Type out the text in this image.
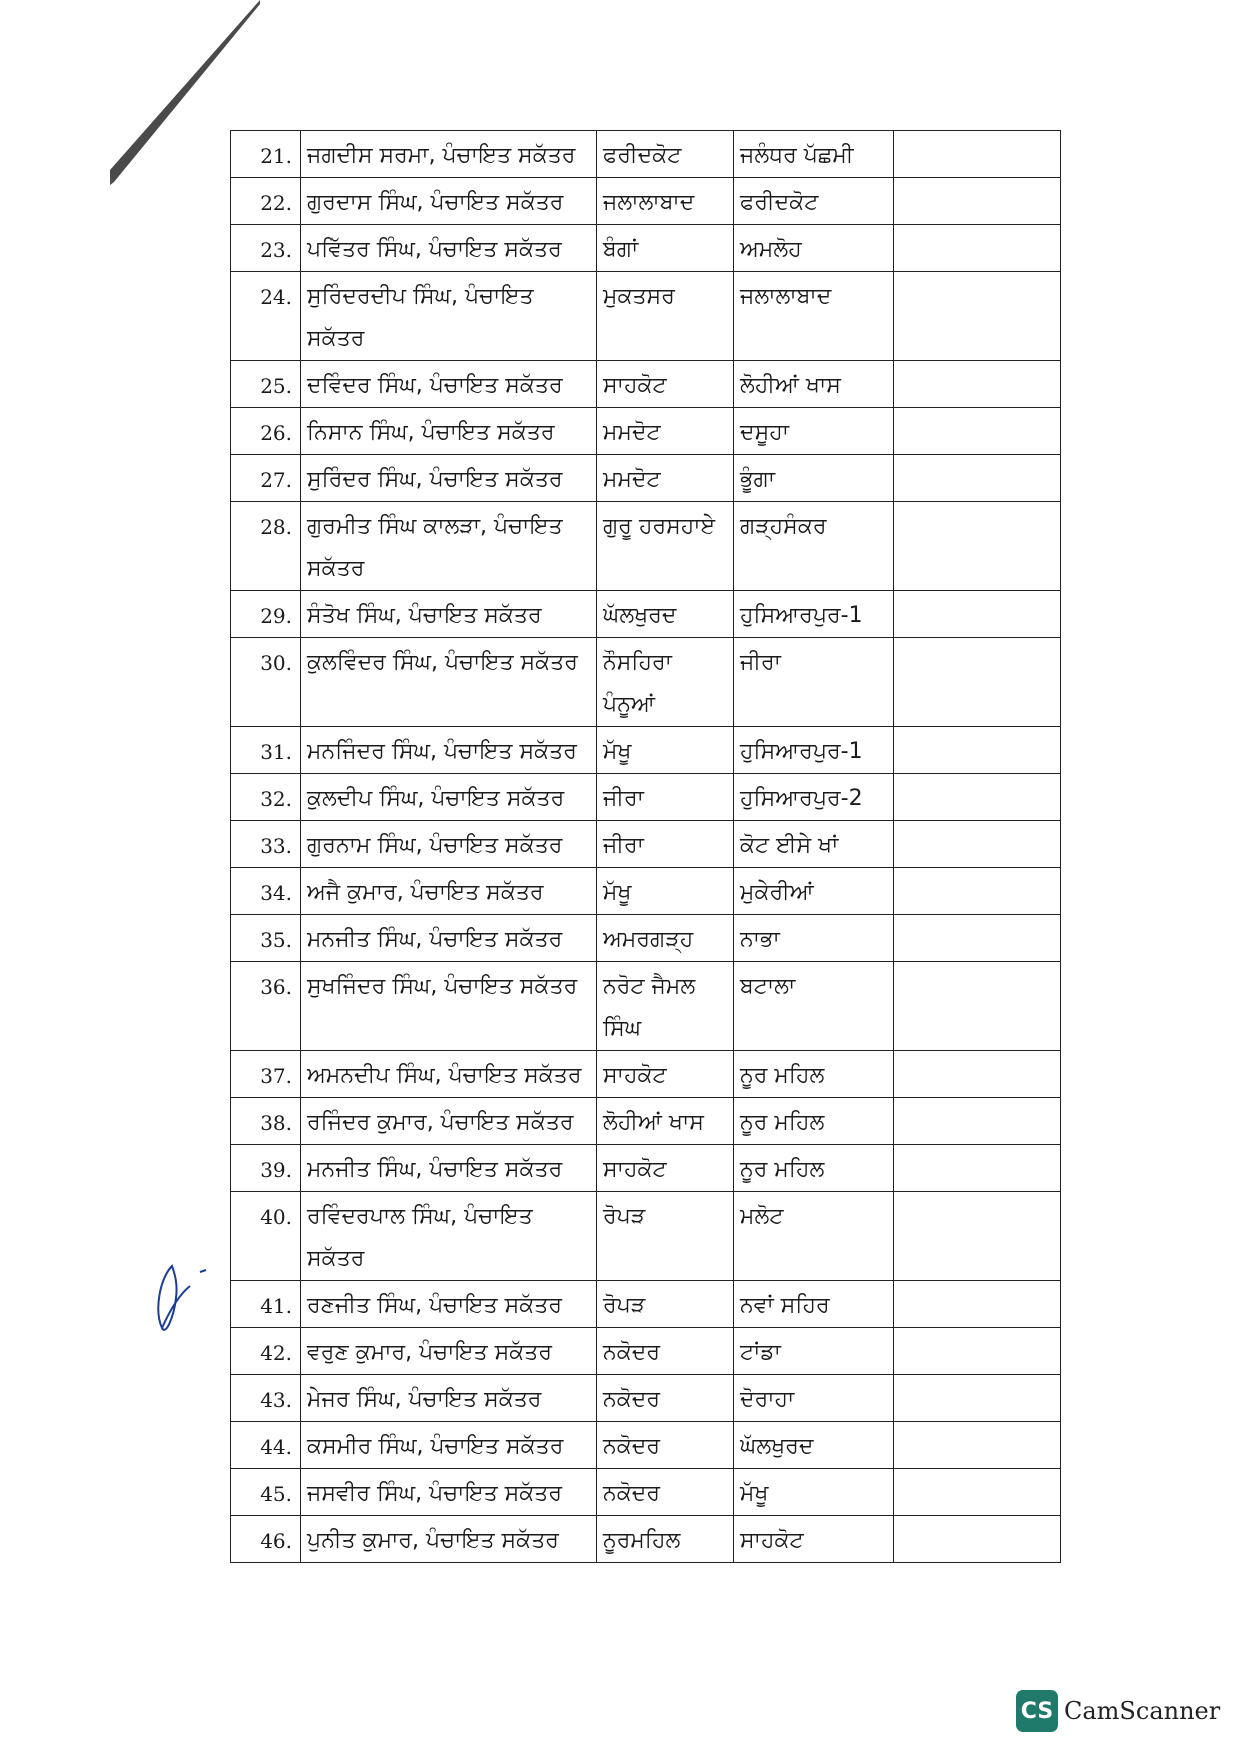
21.	ਜਗਦੀਸ ਸਰਮਾ, ਪੰਚਾਇਤ ਸਕੱਤਰ	ਫਰੀਦਕੋਟ	ਜਲੰਧਰ ਪੱਛਮੀ	
22.	ਗੁਰਦਾਸ ਸਿੰਘ, ਪੰਚਾਇਤ ਸਕੱਤਰ	ਜਲਾਲਾਬਾਦ	ਫਰੀਦਕੋਟ	
23.	ਪਵਿੱਤਰ ਸਿੰਘ, ਪੰਚਾਇਤ ਸਕੱਤਰ	ਬੰਗਾਂ	ਅਮਲੋਹ	
24.	ਸੁਰਿੰਦਰਦੀਪ ਸਿੰਘ, ਪੰਚਾਇਤ ਸਕੱਤਰ	ਮੁਕਤਸਰ	ਜਲਾਲਾਬਾਦ	
25.	ਦਵਿੰਦਰ ਸਿੰਘ, ਪੰਚਾਇਤ ਸਕੱਤਰ	ਸਾਹਕੋਟ	ਲੋਹੀਆਂ ਖਾਸ	
26.	ਨਿਸਾਨ ਸਿੰਘ, ਪੰਚਾਇਤ ਸਕੱਤਰ	ਮਮਦੋਟ	ਦਸੂਹਾ	
27.	ਸੁਰਿੰਦਰ ਸਿੰਘ, ਪੰਚਾਇਤ ਸਕੱਤਰ	ਮਮਦੋਟ	ਭੂੰਗਾ	
28.	ਗੁਰਮੀਤ ਸਿੰਘ ਕਾਲੜਾ, ਪੰਚਾਇਤ ਸਕੱਤਰ	ਗੁਰੂ ਹਰਸਹਾਏ	ਗੜ੍ਹਸੰਕਰ	
29.	ਸੰਤੋਖ ਸਿੰਘ, ਪੰਚਾਇਤ ਸਕੱਤਰ	ਘੱਲਖੁਰਦ	ਹੁਸਿਆਰਪੁਰ-1	
30.	ਕੁਲਵਿੰਦਰ ਸਿੰਘ, ਪੰਚਾਇਤ ਸਕੱਤਰ	ਨੌਸਹਿਰਾ ਪੰਨੂਆਂ	ਜੀਰਾ	
31.	ਮਨਜਿੰਦਰ ਸਿੰਘ, ਪੰਚਾਇਤ ਸਕੱਤਰ	ਮੱਖੂ	ਹੁਸਿਆਰਪੁਰ-1	
32.	ਕੁਲਦੀਪ ਸਿੰਘ, ਪੰਚਾਇਤ ਸਕੱਤਰ	ਜੀਰਾ	ਹੁਸਿਆਰਪੁਰ-2	
33.	ਗੁਰਨਾਮ ਸਿੰਘ, ਪੰਚਾਇਤ ਸਕੱਤਰ	ਜੀਰਾ	ਕੋਟ ਈਸੇ ਖਾਂ	
34.	ਅਜੈ ਕੁਮਾਰ, ਪੰਚਾਇਤ ਸਕੱਤਰ	ਮੱਖੂ	ਮੁਕੇਰੀਆਂ	
35.	ਮਨਜੀਤ ਸਿੰਘ, ਪੰਚਾਇਤ ਸਕੱਤਰ	ਅਮਰਗੜ੍ਹ	ਨਾਭਾ	
36.	ਸੁਖਜਿੰਦਰ ਸਿੰਘ, ਪੰਚਾਇਤ ਸਕੱਤਰ	ਨਰੋਟ ਜੈਮਲ ਸਿੰਘ	ਬਟਾਲਾ	
37.	ਅਮਨਦੀਪ ਸਿੰਘ, ਪੰਚਾਇਤ ਸਕੱਤਰ	ਸਾਹਕੋਟ	ਨੂਰ ਮਹਿਲ	
38.	ਰਜਿੰਦਰ ਕੁਮਾਰ, ਪੰਚਾਇਤ ਸਕੱਤਰ	ਲੋਹੀਆਂ ਖਾਸ	ਨੂਰ ਮਹਿਲ	
39.	ਮਨਜੀਤ ਸਿੰਘ, ਪੰਚਾਇਤ ਸਕੱਤਰ	ਸਾਹਕੋਟ	ਨੂਰ ਮਹਿਲ	
40.	ਰਵਿੰਦਰਪਾਲ ਸਿੰਘ, ਪੰਚਾਇਤ ਸਕੱਤਰ	ਰੋਪੜ	ਮਲੋਟ	
41.	ਰਣਜੀਤ ਸਿੰਘ, ਪੰਚਾਇਤ ਸਕੱਤਰ	ਰੋਪੜ	ਨਵਾਂ ਸਹਿਰ	
42.	ਵਰੁਣ ਕੁਮਾਰ, ਪੰਚਾਇਤ ਸਕੱਤਰ	ਨਕੋਦਰ	ਟਾਂਡਾ	
43.	ਮੇਜਰ ਸਿੰਘ, ਪੰਚਾਇਤ ਸਕੱਤਰ	ਨਕੋਦਰ	ਦੋਰਾਹਾ	
44.	ਕਸਮੀਰ ਸਿੰਘ, ਪੰਚਾਇਤ ਸਕੱਤਰ	ਨਕੋਦਰ	ਘੱਲਖੁਰਦ	
45.	ਜਸਵੀਰ ਸਿੰਘ, ਪੰਚਾਇਤ ਸਕੱਤਰ	ਨਕੋਦਰ	ਮੱਖੂ	
46.	ਪੁਨੀਤ ਕੁਮਾਰ, ਪੰਚਾਇਤ ਸਕੱਤਰ	ਨੂਰਮਹਿਲ	ਸਾਹਕੋਟ	
CS CamScanner
